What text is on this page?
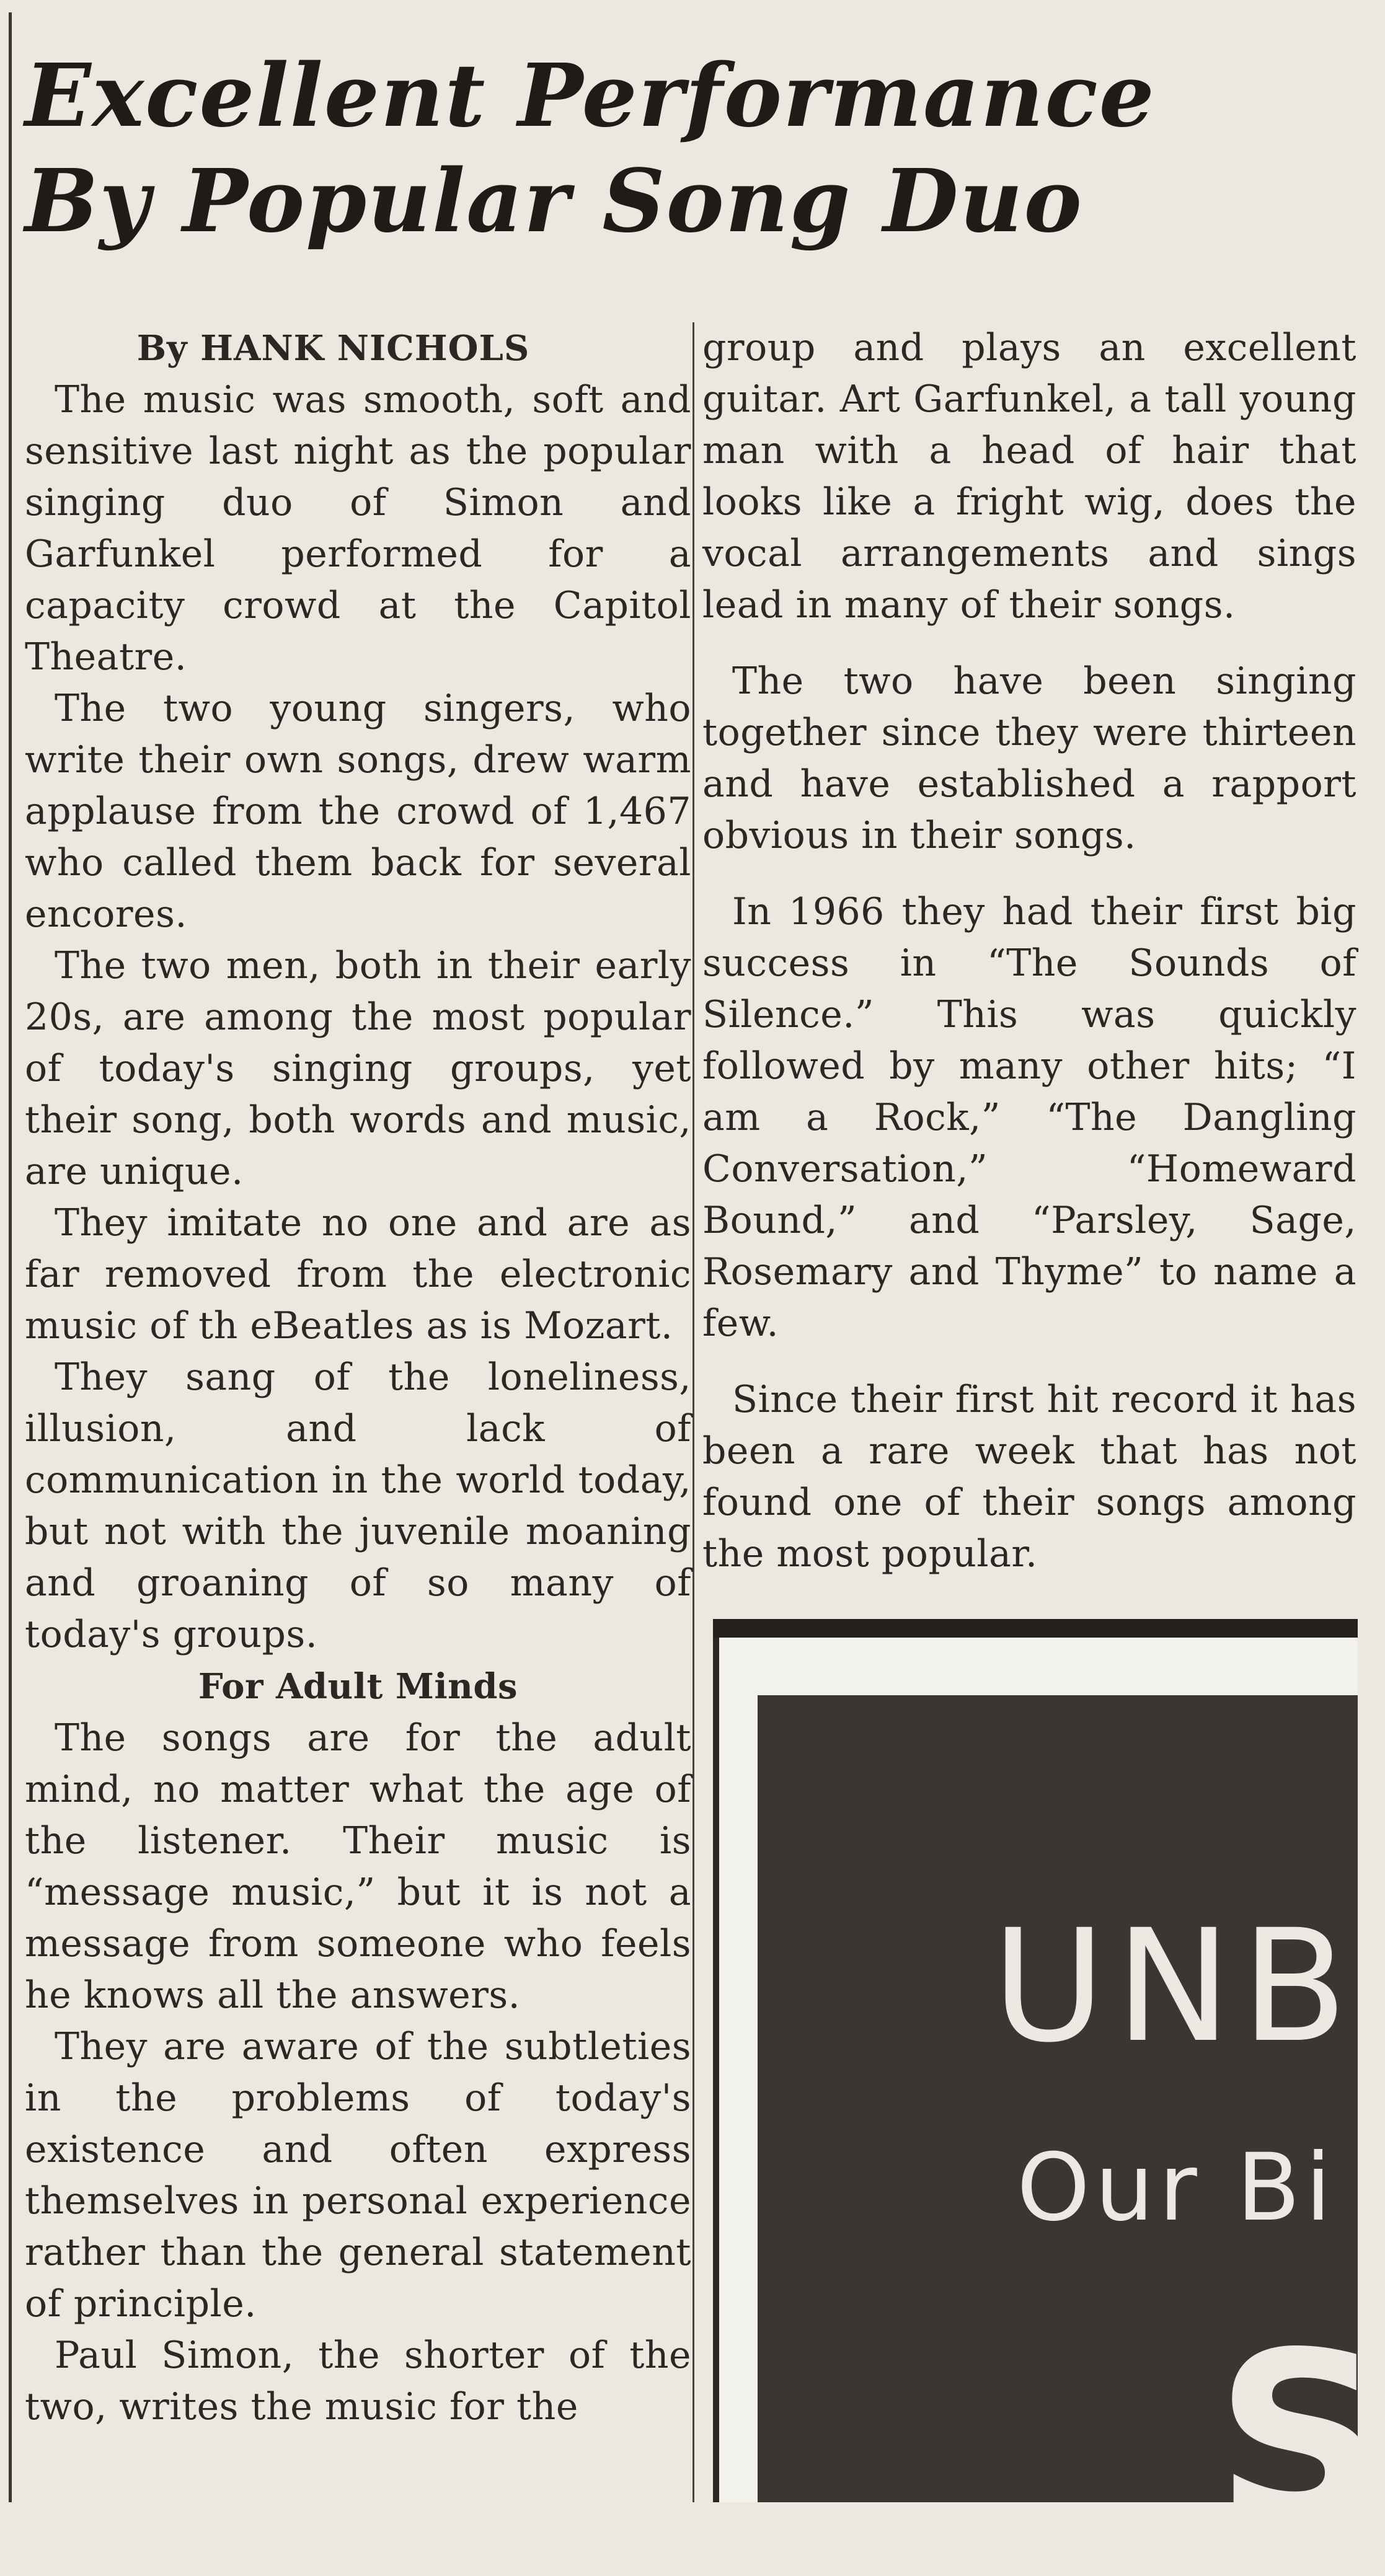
Excellent Performance
By Popular Song Duo

By HANK NICHOLS

The music was smooth, soft and sensitive last night as the popular singing duo of Simon and Garfunkel performed for a capacity crowd at the Capitol Theatre.

The two young singers, who write their own songs, drew warm applause from the crowd of 1,467 who called them back for several encores.

The two men, both in their early 20s, are among the most popular of today's singing groups, yet their song, both words and music, are unique.

They imitate no one and are as far removed from the electronic music of th eBeatles as is Mozart.

They sang of the loneliness, illusion, and lack of communication in the world today, but not with the juvenile moaning and groaning of so many of today's groups.

For Adult Minds

The songs are for the adult mind, no matter what the age of the listener. Their music is “message music,” but it is not a message from someone who feels he knows all the answers.

They are aware of the subtleties in the problems of today's existence and often express themselves in personal experience rather than the general statement of principle.

Paul Simon, the shorter of the two, writes the music for the

group and plays an excellent guitar. Art Garfunkel, a tall young man with a head of hair that looks like a fright wig, does the vocal arrangements and sings lead in many of their songs.

The two have been singing together since they were thirteen and have established a rapport obvious in their songs.

In 1966 they had their first big success in “The Sounds of Silence.” This was quickly followed by many other hits; “I am a Rock,” “The Dangling Conversation,” “Homeward Bound,” and “Parsley, Sage, Rosemary and Thyme” to name a few.

Since their first hit record it has been a rare week that has not found one of their songs among the most popular.

UNB
Our Bi
S
